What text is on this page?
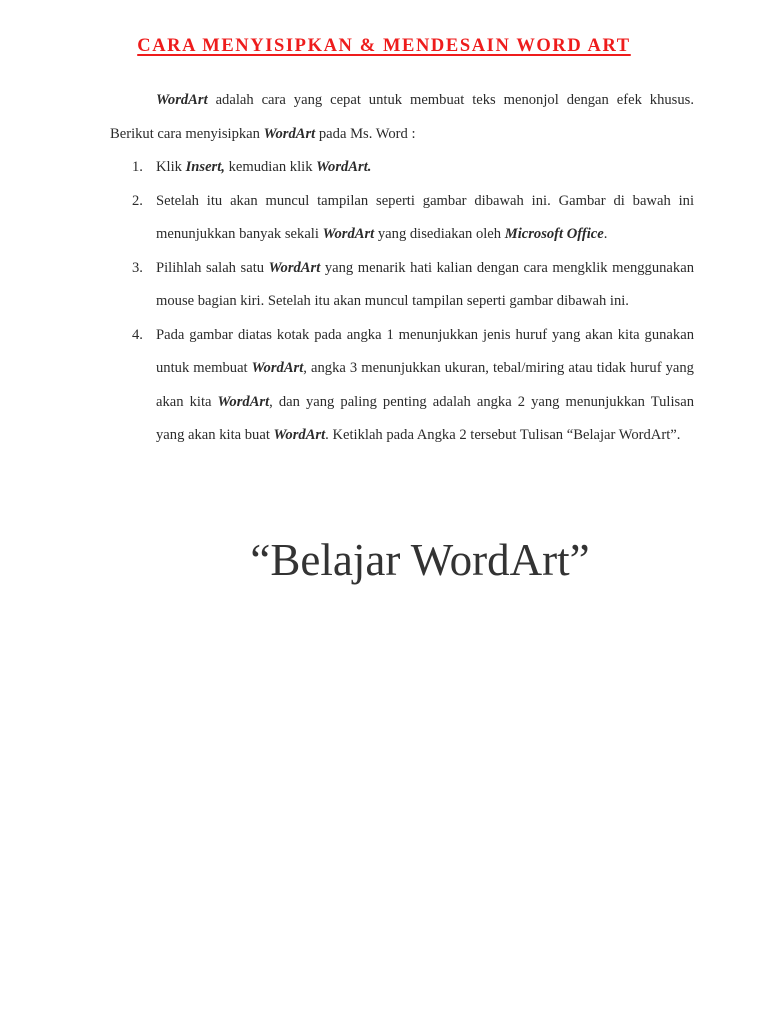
CARA MENYISIPKAN & MENDESAIN WORD ART

WordArt adalah cara yang cepat untuk membuat teks menonjol dengan efek khusus. Berikut cara menyisipkan WordArt pada Ms. Word :

1. Klik Insert, kemudian klik WordArt.
2. Setelah itu akan muncul tampilan seperti gambar dibawah ini. Gambar di bawah ini menunjukkan banyak sekali WordArt yang disediakan oleh Microsoft Office.
3. Pilihlah salah satu WordArt yang menarik hati kalian dengan cara mengklik menggunakan mouse bagian kiri. Setelah itu akan muncul tampilan seperti gambar dibawah ini.
4. Pada gambar diatas kotak pada angka 1 menunjukkan jenis huruf yang akan kita gunakan untuk membuat WordArt, angka 3 menunjukkan ukuran, tebal/miring atau tidak huruf yang akan kita WordArt, dan yang paling penting adalah angka 2 yang menunjukkan Tulisan yang akan kita buat WordArt. Ketiklah pada Angka 2 tersebut Tulisan “Belajar WordArt”.
“Belajar WordArt”
